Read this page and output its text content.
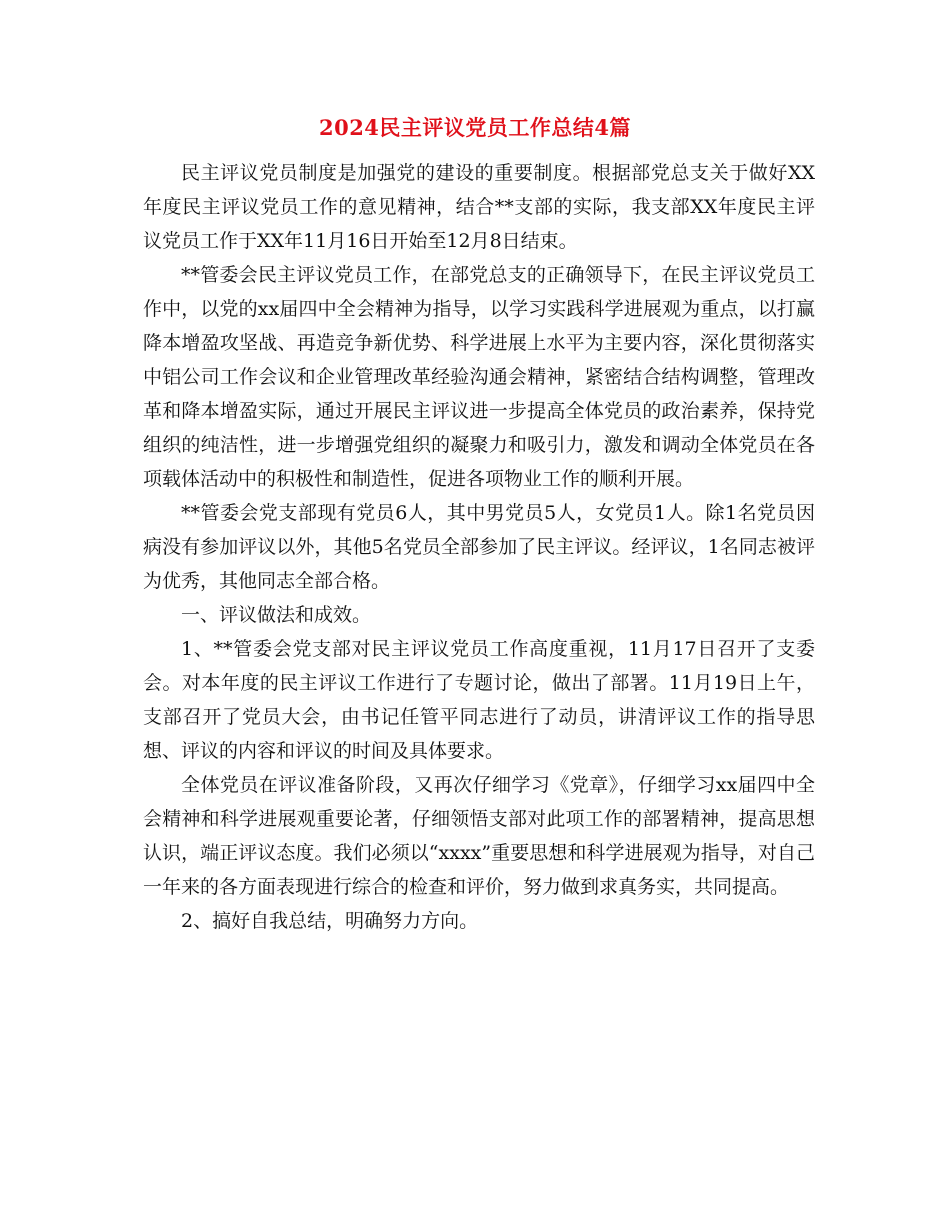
2024民主评议党员工作总结4篇

民主评议党员制度是加强党的建设的重要制度。根据部党总支关于做好XX年度民主评议党员工作的意见精神，结合**支部的实际，我支部XX年度民主评议党员工作于XX年11月16日开始至12月8日结束。

**管委会民主评议党员工作，在部党总支的正确领导下，在民主评议党员工作中，以党的xx届四中全会精神为指导，以学习实践科学进展观为重点，以打赢降本增盈攻坚战、再造竞争新优势、科学进展上水平为主要内容，深化贯彻落实中铝公司工作会议和企业管理改革经验沟通会精神，紧密结合结构调整，管理改革和降本增盈实际，通过开展民主评议进一步提高全体党员的政治素养，保持党组织的纯洁性，进一步增强党组织的凝聚力和吸引力，激发和调动全体党员在各项载体活动中的积极性和制造性，促进各项物业工作的顺利开展。

**管委会党支部现有党员6人，其中男党员5人，女党员1人。除1名党员因病没有参加评议以外，其他5名党员全部参加了民主评议。经评议，1名同志被评为优秀，其他同志全部合格。

一、评议做法和成效。

1、**管委会党支部对民主评议党员工作高度重视，11月17日召开了支委会。对本年度的民主评议工作进行了专题讨论，做出了部署。11月19日上午，支部召开了党员大会，由书记任管平同志进行了动员，讲清评议工作的指导思想、评议的内容和评议的时间及具体要求。

全体党员在评议准备阶段，又再次仔细学习《党章》，仔细学习xx届四中全会精神和科学进展观重要论著，仔细领悟支部对此项工作的部署精神，提高思想认识，端正评议态度。我们必须以“xxxx”重要思想和科学进展观为指导，对自己一年来的各方面表现进行综合的检查和评价，努力做到求真务实，共同提高。

2、搞好自我总结，明确努力方向。
